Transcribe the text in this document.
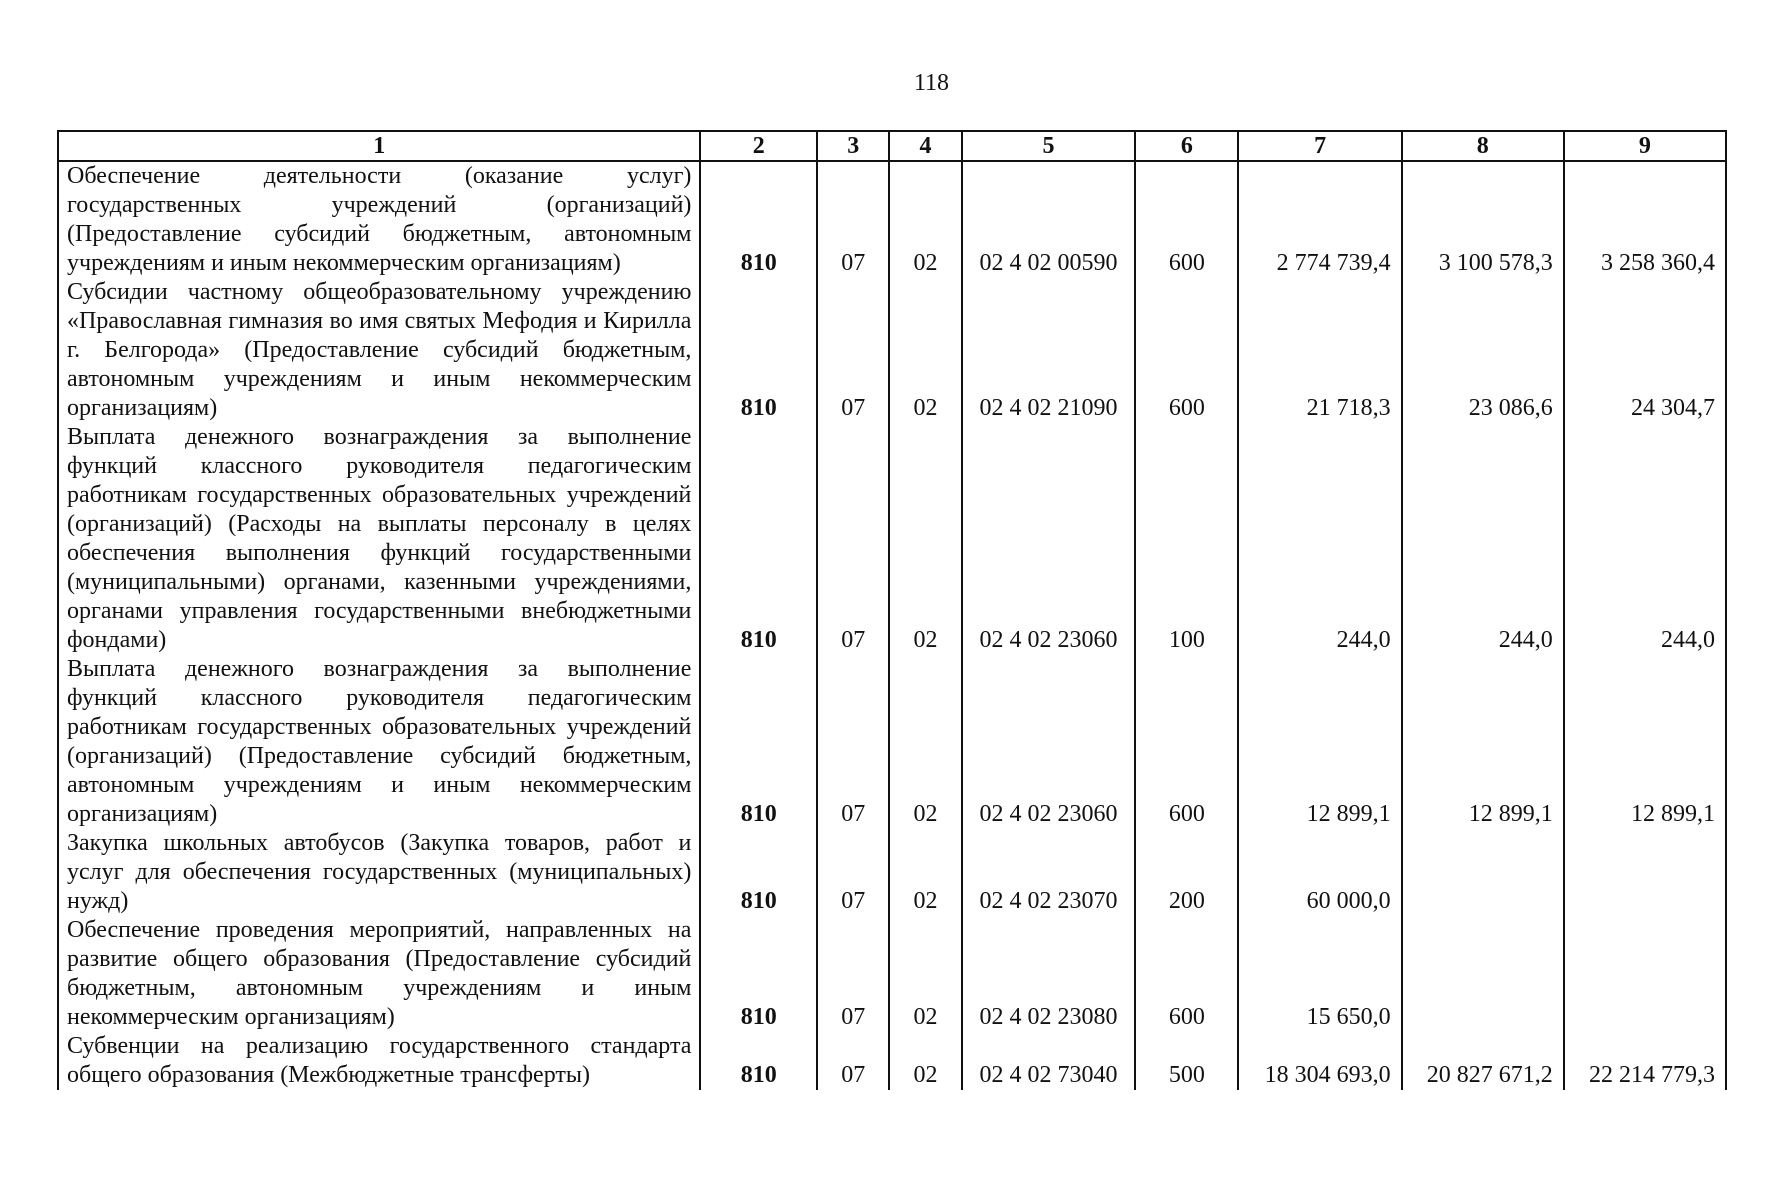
118
1	2	3	4	5	6	7	8	9
Обеспечение деятельности (оказание услуг) государственных учреждений (организаций) (Предоставление субсидий бюджетным, автономным учреждениям и иным некоммерческим организациям)	810	07	02	02 4 02 00590	600	2 774 739,4	3 100 578,3	3 258 360,4
Субсидии частному общеобразовательному учреждению «Православная гимназия во имя святых Мефодия и Кирилла г. Белгорода» (Предоставление субсидий бюджетным, автономным учреждениям и иным некоммерческим организациям)	810	07	02	02 4 02 21090	600	21 718,3	23 086,6	24 304,7
Выплата денежного вознаграждения за выполнение функций классного руководителя педагогическим работникам государственных образовательных учреждений (организаций) (Расходы на выплаты персоналу в целях обеспечения выполнения функций государственными (муниципальными) органами, казенными учреждениями, органами управления государственными внебюджетными фондами)	810	07	02	02 4 02 23060	100	244,0	244,0	244,0
Выплата денежного вознаграждения за выполнение функций классного руководителя педагогическим работникам государственных образовательных учреждений (организаций) (Предоставление субсидий бюджетным, автономным учреждениям и иным некоммерческим организациям)	810	07	02	02 4 02 23060	600	12 899,1	12 899,1	12 899,1
Закупка школьных автобусов (Закупка товаров, работ и услуг для обеспечения государственных (муниципальных) нужд)	810	07	02	02 4 02 23070	200	60 000,0		
Обеспечение проведения мероприятий, направленных на развитие общего образования (Предоставление субсидий бюджетным, автономным учреждениям и иным некоммерческим организациям)	810	07	02	02 4 02 23080	600	15 650,0		
Субвенции на реализацию государственного стандарта общего образования (Межбюджетные трансферты)	810	07	02	02 4 02 73040	500	18 304 693,0	20 827 671,2	22 214 779,3
